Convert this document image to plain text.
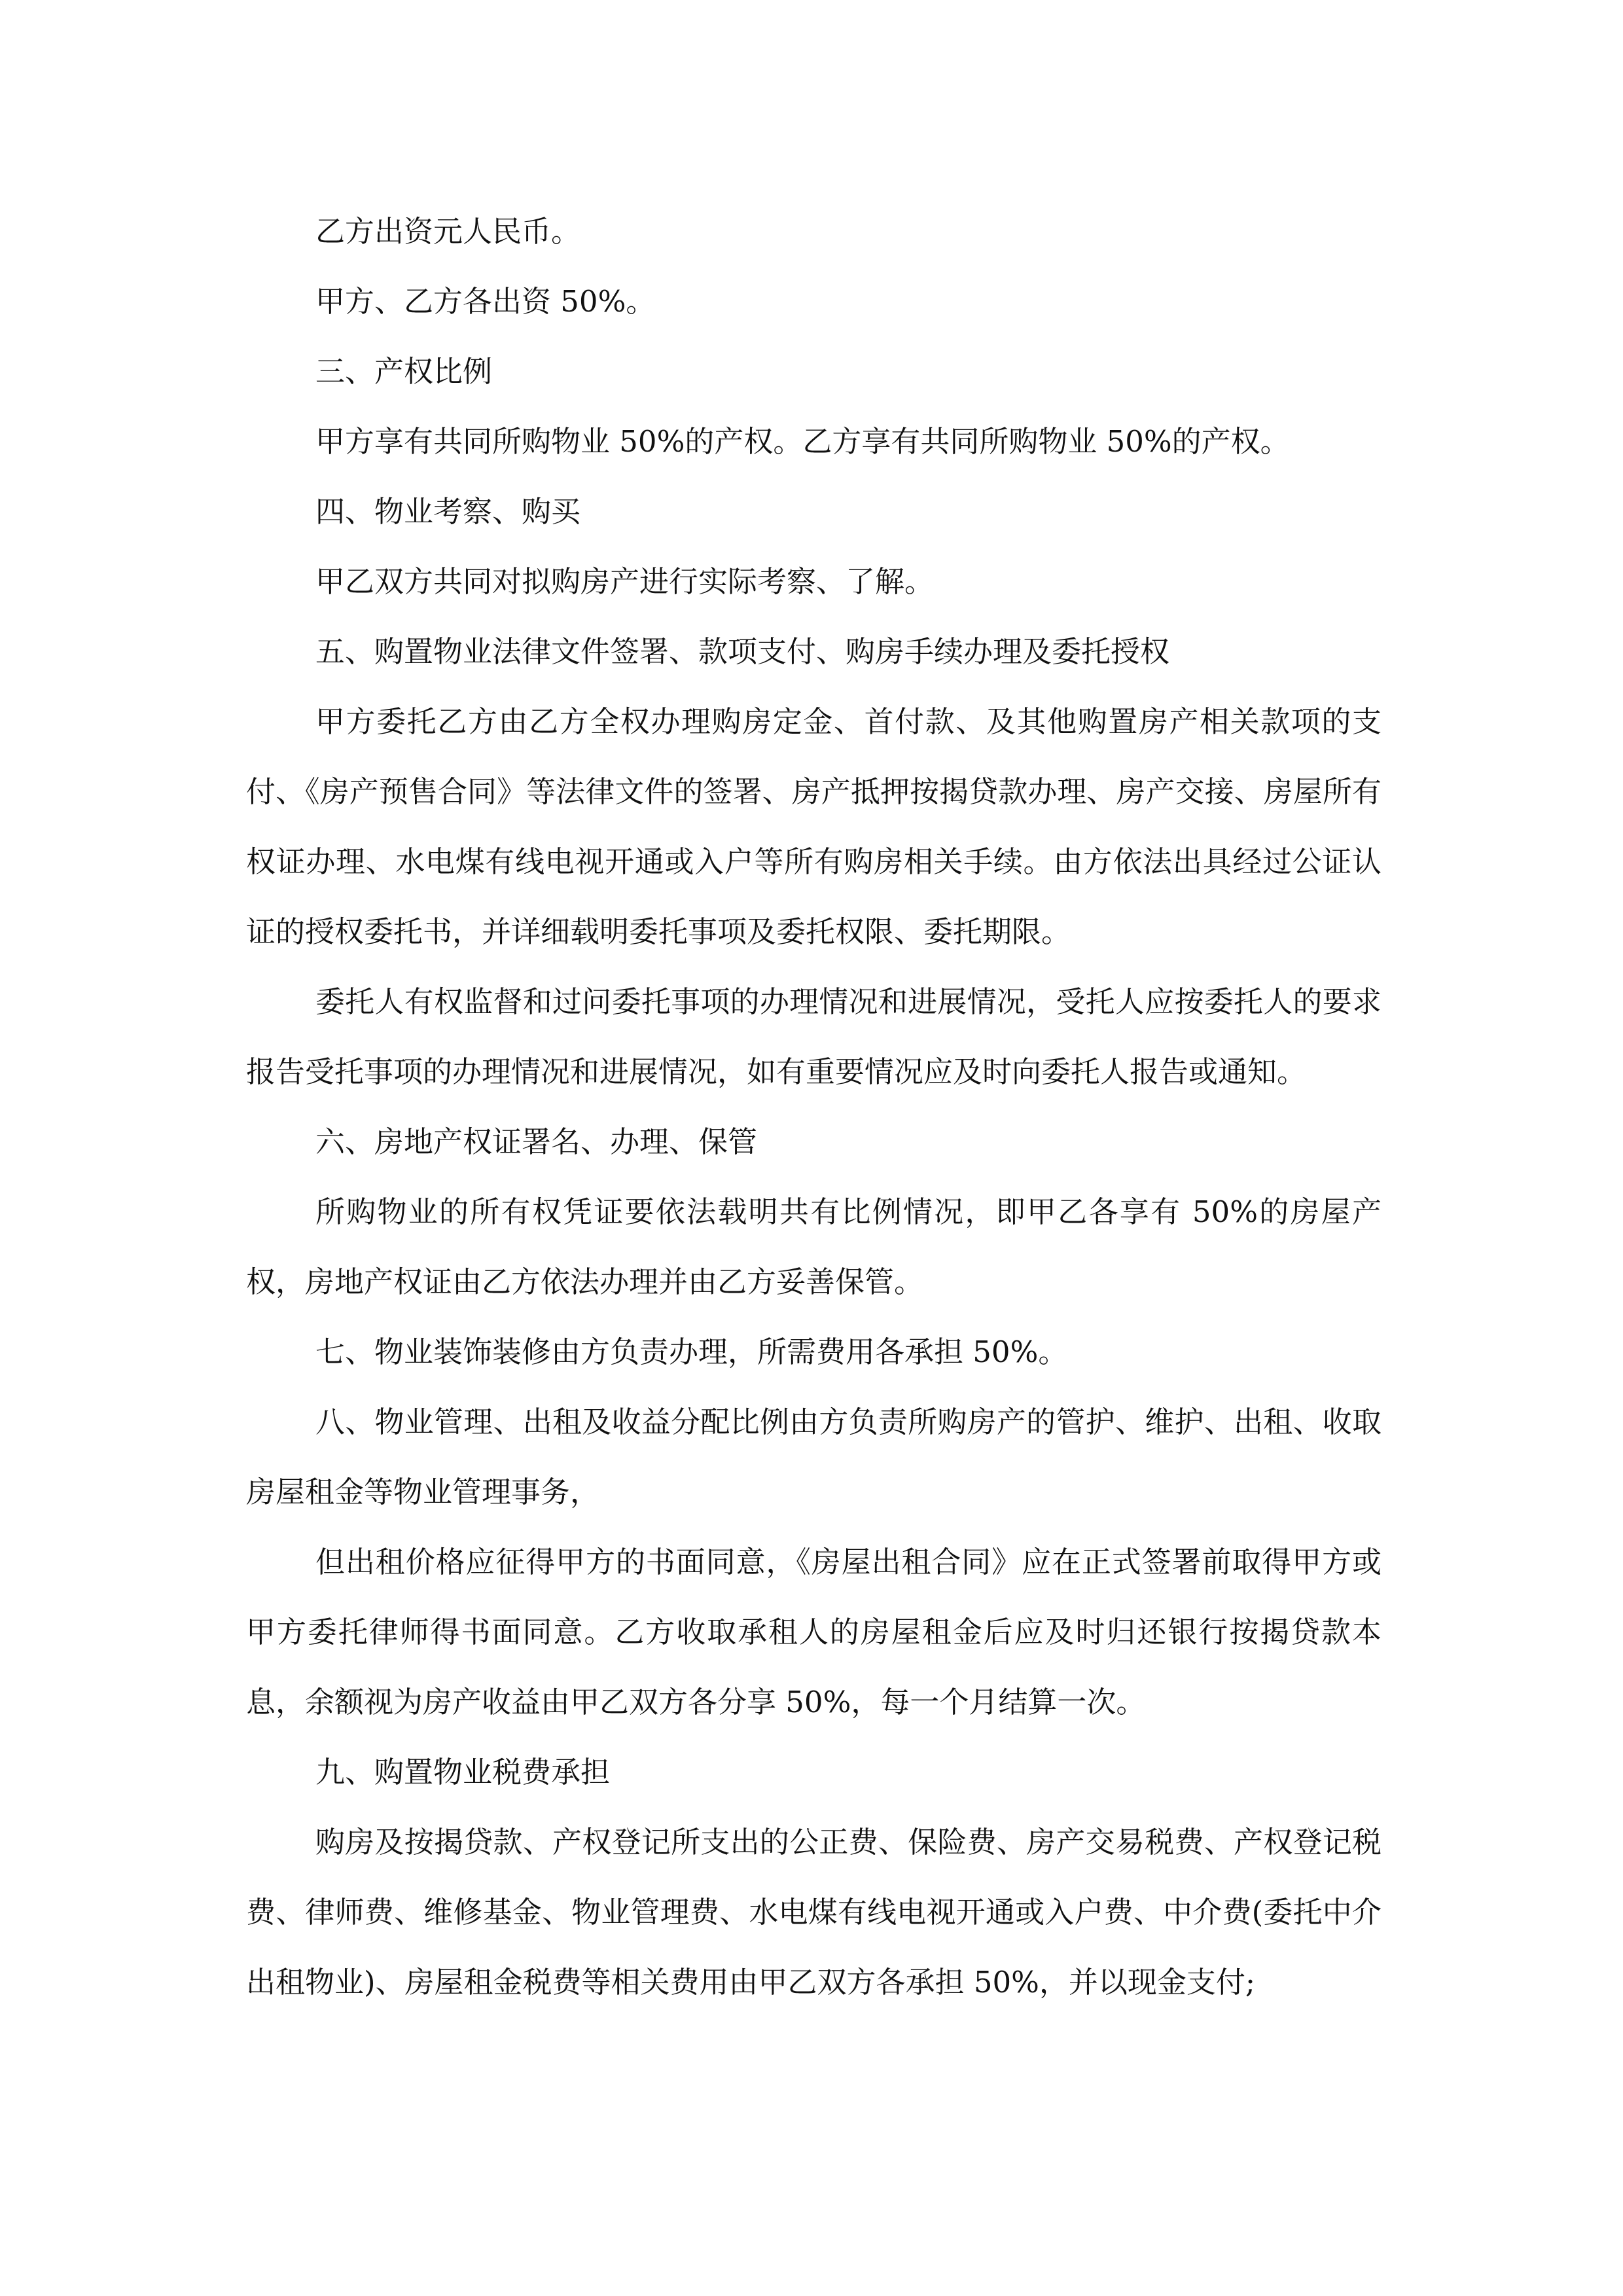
乙方出资元人民币。

甲方、乙方各出资 50%。

三、产权比例

甲方享有共同所购物业 50%的产权。乙方享有共同所购物业 50%的产权。

四、物业考察、购买

甲乙双方共同对拟购房产进行实际考察、了解。

五、购置物业法律文件签署、款项支付、购房手续办理及委托授权

甲方委托乙方由乙方全权办理购房定金、首付款、及其他购置房产相关款项的支付、《房产预售合同》等法律文件的签署、房产抵押按揭贷款办理、房产交接、房屋所有权证办理、水电煤有线电视开通或入户等所有购房相关手续。由方依法出具经过公证认证的授权委托书，并详细载明委托事项及委托权限、委托期限。

委托人有权监督和过问委托事项的办理情况和进展情况，受托人应按委托人的要求报告受托事项的办理情况和进展情况，如有重要情况应及时向委托人报告或通知。

六、房地产权证署名、办理、保管

所购物业的所有权凭证要依法载明共有比例情况，即甲乙各享有 50%的房屋产权，房地产权证由乙方依法办理并由乙方妥善保管。

七、物业装饰装修由方负责办理，所需费用各承担 50%。

八、物业管理、出租及收益分配比例由方负责所购房产的管护、维护、出租、收取房屋租金等物业管理事务，

但出租价格应征得甲方的书面同意，《房屋出租合同》应在正式签署前取得甲方或甲方委托律师得书面同意。乙方收取承租人的房屋租金后应及时归还银行按揭贷款本息，余额视为房产收益由甲乙双方各分享 50%，每一个月结算一次。

九、购置物业税费承担

购房及按揭贷款、产权登记所支出的公正费、保险费、房产交易税费、产权登记税费、律师费、维修基金、物业管理费、水电煤有线电视开通或入户费、中介费(委托中介出租物业)、房屋租金税费等相关费用由甲乙双方各承担 50%，并以现金支付;
